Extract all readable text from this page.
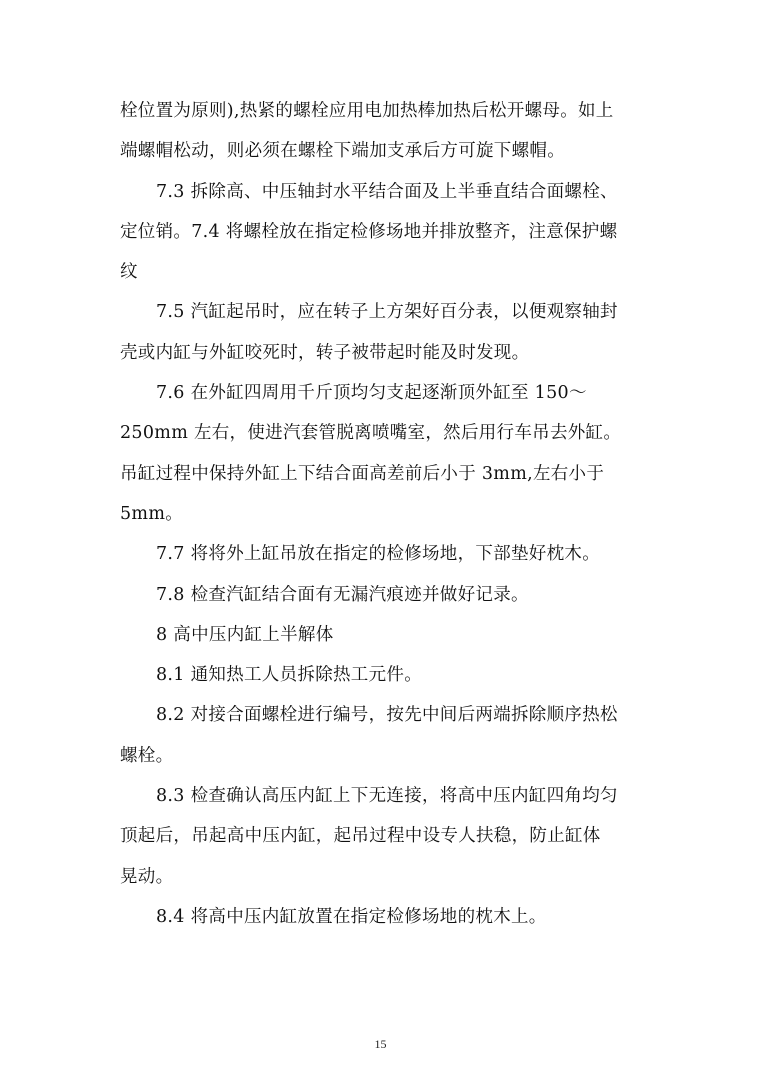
栓位置为原则),热紧的螺栓应用电加热棒加热后松开螺母。如上
端螺帽松动，则必须在螺栓下端加支承后方可旋下螺帽。
7.3 拆除高、中压轴封水平结合面及上半垂直结合面螺栓、
定位销。7.4 将螺栓放在指定检修场地并排放整齐，注意保护螺
纹
7.5 汽缸起吊时，应在转子上方架好百分表，以便观察轴封
壳或内缸与外缸咬死时，转子被带起时能及时发现。
7.6 在外缸四周用千斤顶均匀支起逐渐顶外缸至 150～
250mm 左右，使进汽套管脱离喷嘴室，然后用行车吊去外缸。
吊缸过程中保持外缸上下结合面高差前后小于 3mm,左右小于
5mm。
7.7 将将外上缸吊放在指定的检修场地，下部垫好枕木。
7.8 检查汽缸结合面有无漏汽痕迹并做好记录。
8 高中压内缸上半解体
8.1 通知热工人员拆除热工元件。
8.2 对接合面螺栓进行编号，按先中间后两端拆除顺序热松
螺栓。
8.3 检查确认高压内缸上下无连接，将高中压内缸四角均匀
顶起后，吊起高中压内缸，起吊过程中设专人扶稳，防止缸体
晃动。
8.4 将高中压内缸放置在指定检修场地的枕木上。
15
